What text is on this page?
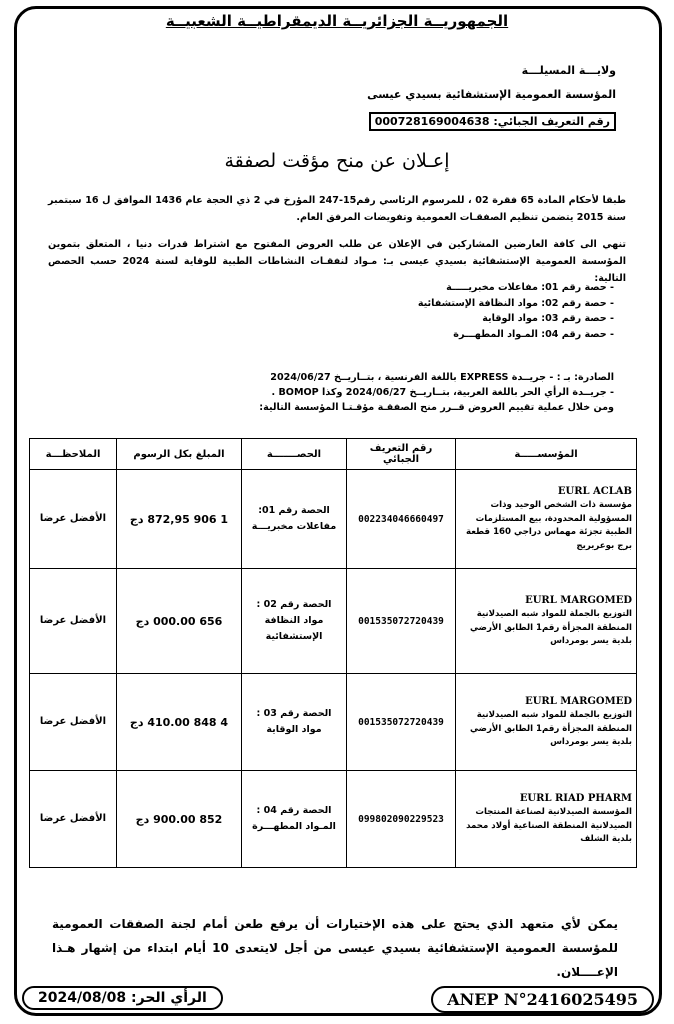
الجمهوريــة الجزائريــة الديمقراطيــة الشعبيــة
ولايـــة المسيلـــة
المؤسسة العمومية الإستشفائية بسيدي عيسى
رقم التعريف الجبائي: 000728169004638
إعـلان عن منح مؤقت لصفقة
طبقا لأحكام المادة 65 فقرة 02 ، للمرسوم الرئاسي رقم15-247 المؤرخ في 2 ذي الحجة عام 1436 الموافق ل 16 سبتمبر سنة 2015 يتضمن تنظيم الصفقـات العمومية وتفويضات المرفق العام.
تنهي الى كافة العارضين المشاركين في الإعلان عن طلب العروض المفتوح مع اشتراط قدرات دنيا ، المتعلق بتموين المؤسسة العمومية الإستشفائية بسيدي عيسى بـ: مـواد لنفقـات النشاطات الطبية للوقاية لسنة 2024 حسب الحصص التالية:
- حصة رقم 01: مفاعلات مخبريـــــة
- حصة رقم 02: مواد النظافة الإستشفائية
- حصة رقم 03: مواد الوقاية
- حصة رقم 04: المـواد المطهـــرة
الصادرة: بـ : - جريــدة EXPRESS باللغة الفرنسية ، بتــاريــخ 2024/06/27
- جريــدة الرأي الحر باللغة العربية، بتــاريــخ 2024/06/27 وكذا BOMOP .
ومن خلال عملية تقييم العروض قــرر منح الصفقـة مؤقـتـا المؤسسة التالية:
المؤسســـــة	رقم التعريف الجبائي	الحصـــــــة	المبلغ بكل الرسوم	الملاحظـــة

EURL ACLAB
مؤسسة ذات الشخص الوحيد وذات المسؤولية المحدودة، بيع المستلزمات الطبية تجزئة مهماس دراجي 160 قطعة برج بوعريريج	002234046660497	الحصة رقم 01: مفاعلات مخبريـــة	1 906 872,95 دج	الأفضل عرضا

EURL MARGOMED
التوزيع بالجملة للمواد شبه الصيدلانية المنطقة المجزأة رقم1 الطابق الأرضي بلدية يسر بومرداس	001535072720439	الحصة رقم 02 : مواد النظافة الإستشفائية	656 000.00 دج	الأفضل عرضا

EURL MARGOMED
التوزيع بالجملة للمواد شبه الصيدلانية المنطقة المجزأة رقم1 الطابق الأرضي بلدية يسر بومرداس	001535072720439	الحصة رقم 03 : مواد الوقاية	4 848 410.00 دج	الأفضل عرضا

EURL RIAD PHARM
المؤسسة الصيدلانية لصناعة المنتجات الصيدلانية المنطقة الصناعية أولاد محمد بلدية الشلف	099802090229523	الحصة رقم 04 : المـواد المطهـــرة	852 900.00 دج	الأفضل عرضا
يمكن لأي متعهد الذي يحتج على هذه الإختيارات أن يرفع طعن أمام لجنة الصفقات العمومية للمؤسسة العمومية الإستشفائية بسيدي عيسى من أجل لايتعدى 10 أيام ابتداء من إشهار هـذا الإعــــلان.
الرأي الحر: 2024/08/08	ANEP N°2416025495
